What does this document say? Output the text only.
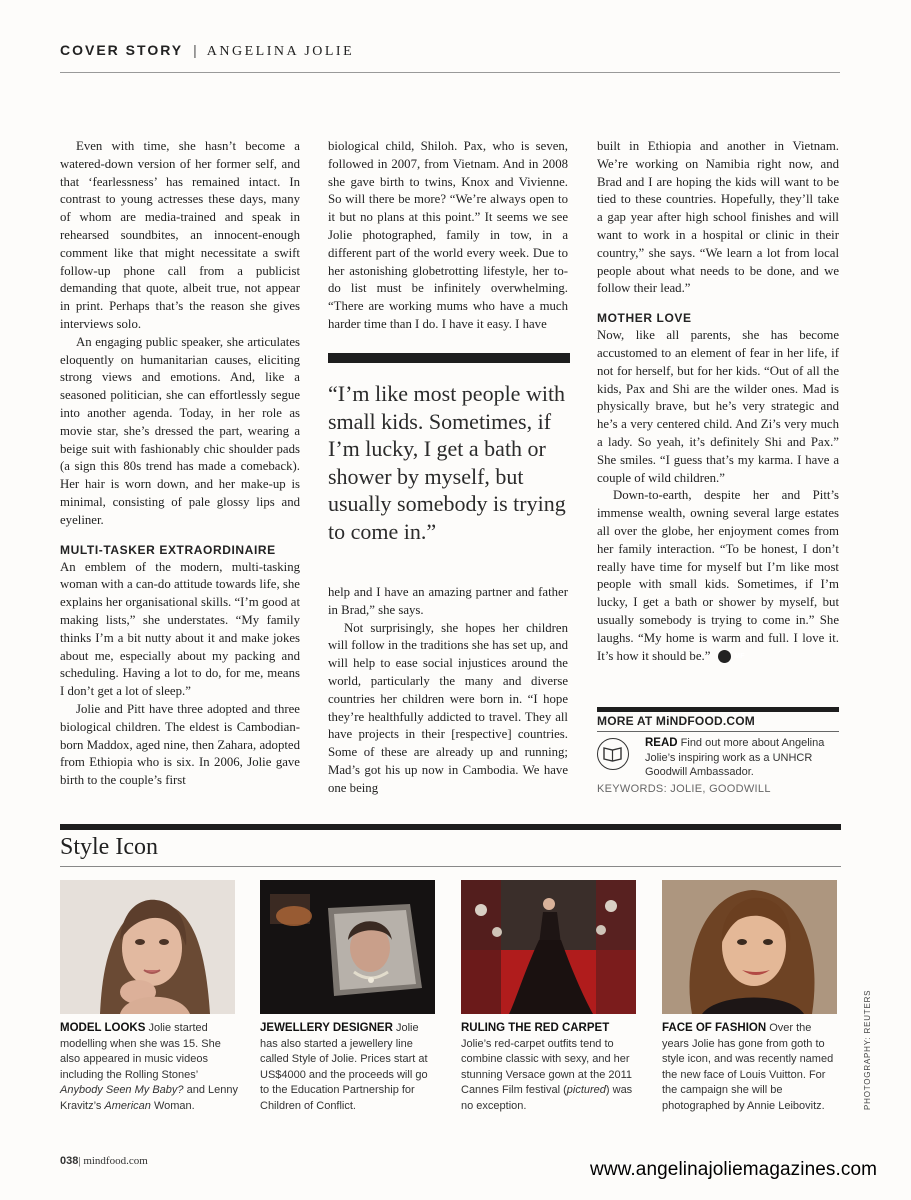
COVER STORY | ANGELINA JOLIE

Even with time, she hasn’t become a watered-down version of her former self, and that ‘fearlessness’ has remained intact. In contrast to young actresses these days, many of whom are media-trained and speak in rehearsed soundbites, an innocent-enough comment like that might necessitate a swift follow-up phone call from a publicist demanding that quote, albeit true, not appear in print. Perhaps that’s the reason she gives interviews solo.

An engaging public speaker, she articulates eloquently on humanitarian causes, eliciting strong views and emotions. And, like a seasoned politician, she can effortlessly segue into another agenda. Today, in her role as movie star, she’s dressed the part, wearing a beige suit with fashionably chic shoulder pads (a sign this 80s trend has made a comeback). Her hair is worn down, and her make-up is minimal, consisting of pale glossy lips and eyeliner.

MULTI-TASKER EXTRAORDINAIRE

An emblem of the modern, multi-tasking woman with a can-do attitude towards life, she explains her organisational skills. “I’m good at making lists,” she understates. “My family thinks I’m a bit nutty about it and make jokes about me, especially about my packing and scheduling. Having a lot to do, for me, means I don’t get a lot of sleep.”

Jolie and Pitt have three adopted and three biological children. The eldest is Cambodian-born Maddox, aged nine, then Zahara, adopted from Ethiopia who is six. In 2006, Jolie gave birth to the couple’s first

biological child, Shiloh. Pax, who is seven, followed in 2007, from Vietnam. And in 2008 she gave birth to twins, Knox and Vivienne. So will there be more? “We’re always open to it but no plans at this point.” It seems we see Jolie photographed, family in tow, in a different part of the world every week. Due to her astonishing globetrotting lifestyle, her to-do list must be infinitely overwhelming. “There are working mums who have a much harder time than I do. I have it easy. I have

“I’m like most people with small kids. Sometimes, if I’m lucky, I get a bath or shower by myself, but usually somebody is trying to come in.”

help and I have an amazing partner and father in Brad,” she says.

Not surprisingly, she hopes her children will follow in the traditions she has set up, and will help to ease social injustices around the world, particularly the many and diverse countries her children were born in. “I hope they’re healthfully addicted to travel. They all have projects in their [respective] countries. Some of these are already up and running; Mad’s got his up now in Cambodia. We have one being

built in Ethiopia and another in Vietnam. We’re working on Namibia right now, and Brad and I are hoping the kids will want to be tied to these countries. Hopefully, they’ll take a gap year after high school finishes and will want to work in a hospital or clinic in their country,” she says. “We learn a lot from local people about what needs to be done, and we follow their lead.”

MOTHER LOVE

Now, like all parents, she has become accustomed to an element of fear in her life, if not for herself, but for her kids. “Out of all the kids, Pax and Shi are the wilder ones. Mad is physically brave, but he’s very strategic and he’s a very centered child. And Zi’s very much a lady. So yeah, it’s definitely Shi and Pax.” She smiles. “I guess that’s my karma. I have a couple of wild children.”

Down-to-earth, despite her and Pitt’s immense wealth, owning several large estates all over the globe, her enjoyment comes from her family interaction. “To be honest, I don’t really have time for myself but I’m like most people with small kids. Sometimes, if I’m lucky, I get a bath or shower by myself, but usually somebody is trying to come in.” She laughs. “My home is warm and full. I love it. It’s how it should be.”	MF

MORE AT MiNDFOOD.COM
READ Find out more about Angelina Jolie’s inspiring work as a UNHCR Goodwill Ambassador.
KEYWORDS: JOLIE, GOODWILL
Style Icon
MODEL LOOKS Jolie started modelling when she was 15. She also appeared in music videos including the Rolling Stones’ Anybody Seen My Baby? and Lenny Kravitz’s American Woman.
JEWELLERY DESIGNER Jolie has also started a jewellery line called Style of Jolie. Prices start at US$4000 and the proceeds will go to the Education Partnership for Children of Conflict.
RULING THE RED CARPET
Jolie’s red-carpet outfits tend to combine classic with sexy, and her stunning Versace gown at the 2011 Cannes Film festival (pictured) was no exception.
FACE OF FASHION Over the years Jolie has gone from goth to style icon, and was recently named the new face of Louis Vuitton. For the campaign she will be photographed by Annie Leibovitz.	PHOTOGRAPHY: REUTERS
038| mindfood.com	www.angelinajoliemagazines.com
